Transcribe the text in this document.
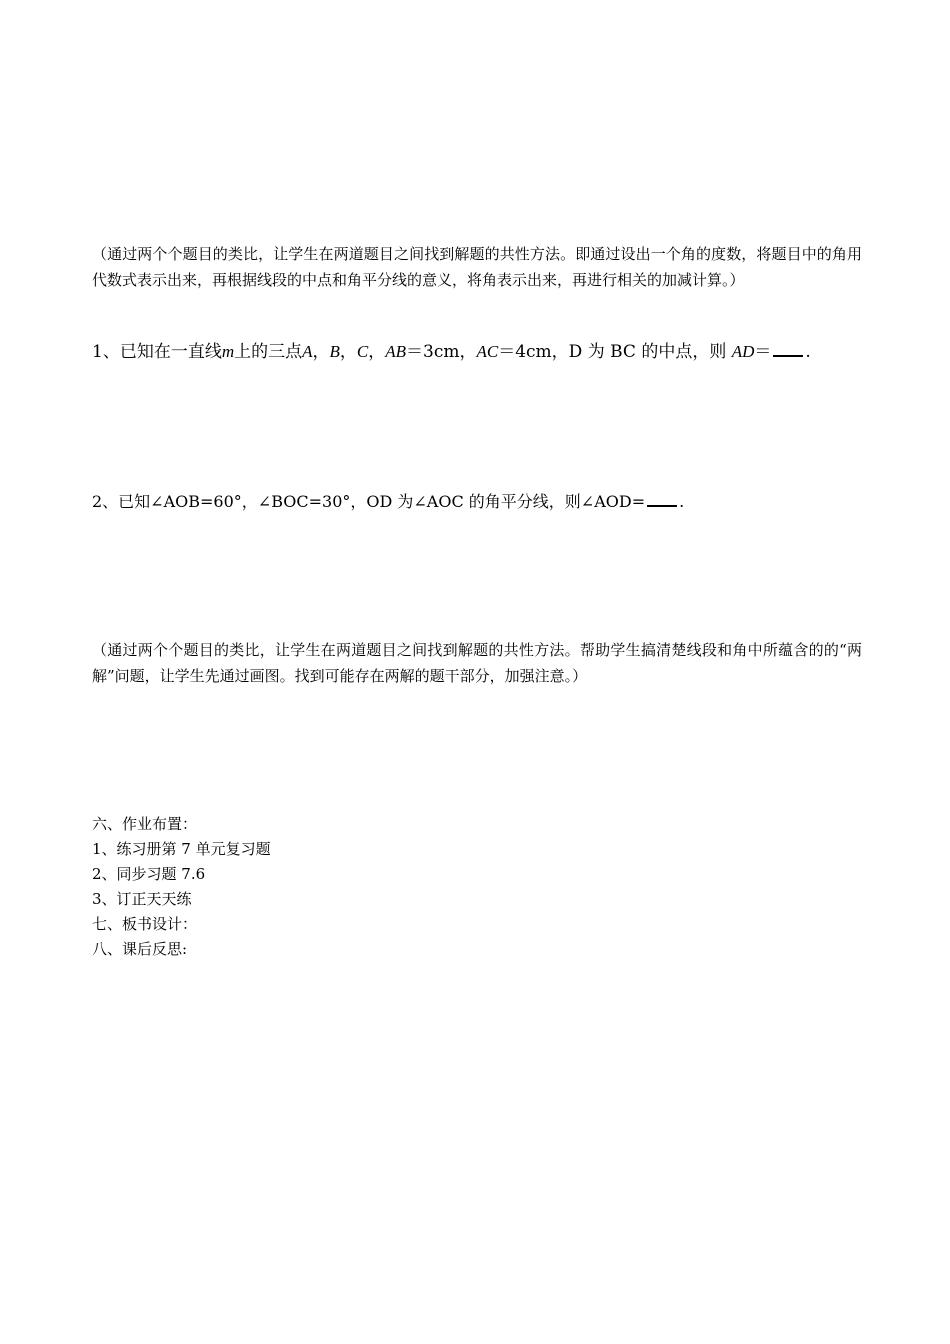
（通过两个个题目的类比，让学生在两道题目之间找到解题的共性方法。即通过设出一个角的度数，将题目中的角用代数式表示出来，再根据线段的中点和角平分线的意义，将角表示出来，再进行相关的加减计算。）
1、已知在一直线m上的三点A，B，C，AB＝3cm，AC＝4cm，D 为 BC 的中点，则 AD＝ .
2、已知∠AOB=60°，∠BOC=30°，OD 为∠AOC 的角平分线，则∠AOD= .
（通过两个个题目的类比，让学生在两道题目之间找到解题的共性方法。帮助学生搞清楚线段和角中所蕴含的的“两解”问题，让学生先通过画图。找到可能存在两解的题干部分，加强注意。）
六、作业布置：
1、练习册第 7 单元复习题
2、同步习题 7.6
3、订正天天练
七、板书设计：
八、课后反思:
